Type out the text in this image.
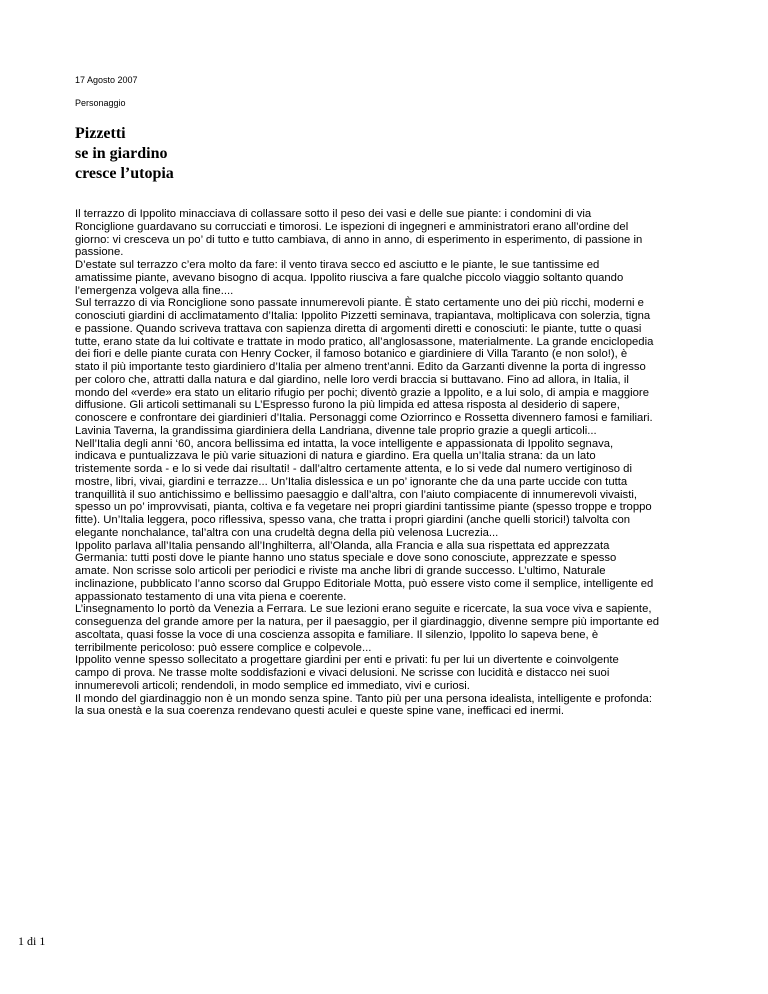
17 Agosto 2007
Personaggio
Pizzetti
se in giardino
cresce l’utopia

Il terrazzo di Ippolito minacciava di collassare sotto il peso dei vasi e delle sue piante: i condomini di via

Ronciglione guardavano su corrucciati e timorosi. Le ispezioni di ingegneri e amministratori erano all’ordine del

giorno: vi cresceva un po’ di tutto e tutto cambiava, di anno in anno, di esperimento in esperimento, di passione in

passione.

D’estate sul terrazzo c’era molto da fare: il vento tirava secco ed asciutto e le piante, le sue tantissime ed

amatissime piante, avevano bisogno di acqua. Ippolito riusciva a fare qualche piccolo viaggio soltanto quando

l’emergenza volgeva alla fine....

Sul terrazzo di via Ronciglione sono passate innumerevoli piante. È stato certamente uno dei più ricchi, moderni e

conosciuti giardini di acclimatamento d’Italia: Ippolito Pizzetti seminava, trapiantava, moltiplicava con solerzia, tigna

e passione. Quando scriveva trattava con sapienza diretta di argomenti diretti e conosciuti: le piante, tutte o quasi

tutte, erano state da lui coltivate e trattate in modo pratico, all’anglosassone, materialmente. La grande enciclopedia

dei fiori e delle piante curata con Henry Cocker, il famoso botanico e giardiniere di Villa Taranto (e non solo!), è

stato il più importante testo giardiniero d’Italia per almeno trent’anni. Edito da Garzanti divenne la porta di ingresso

per coloro che, attratti dalla natura e dal giardino, nelle loro verdi braccia si buttavano. Fino ad allora, in Italia, il

mondo del «verde» era stato un elitario rifugio per pochi; diventò grazie a Ippolito, e a lui solo, di ampia e maggiore

diffusione. Gli articoli settimanali su L’Espresso furono la più limpida ed attesa risposta al desiderio di sapere,

conoscere e confrontare dei giardinieri d’Italia. Personaggi come Oziorrinco e Rossetta divennero famosi e familiari.

Lavinia Taverna, la grandissima giardiniera della Landriana, divenne tale proprio grazie a quegli articoli...

Nell’Italia degli anni ‘60, ancora bellissima ed intatta, la voce intelligente e appassionata di Ippolito segnava,

indicava e puntualizzava le più varie situazioni di natura e giardino. Era quella un’Italia strana: da un lato

tristemente sorda - e lo si vede dai risultati! - dall’altro certamente attenta, e lo si vede dal numero vertiginoso di

mostre, libri, vivai, giardini e terrazze... Un’Italia dislessica e un po’ ignorante che da una parte uccide con tutta

tranquillità il suo antichissimo e bellissimo paesaggio e dall’altra, con l’aiuto compiacente di innumerevoli vivaisti,

spesso un po’ improvvisati, pianta, coltiva e fa vegetare nei propri giardini tantissime piante (spesso troppe e troppo

fitte). Un’Italia leggera, poco riflessiva, spesso vana, che tratta i propri giardini (anche quelli storici!) talvolta con

elegante nonchalance, tal’altra con una crudeltà degna della più velenosa Lucrezia...

Ippolito parlava all’Italia pensando all’Inghilterra, all’Olanda, alla Francia e alla sua rispettata ed apprezzata

Germania: tutti posti dove le piante hanno uno status speciale e dove sono conosciute, apprezzate e spesso

amate. Non scrisse solo articoli per periodici e riviste ma anche libri di grande successo. L’ultimo, Naturale

inclinazione, pubblicato l’anno scorso dal Gruppo Editoriale Motta, può essere visto come il semplice, intelligente ed

appassionato testamento di una vita piena e coerente.

L’insegnamento lo portò da Venezia a Ferrara. Le sue lezioni erano seguite e ricercate, la sua voce viva e sapiente,

conseguenza del grande amore per la natura, per il paesaggio, per il giardinaggio, divenne sempre più importante ed

ascoltata, quasi fosse la voce di una coscienza assopita e familiare. Il silenzio, Ippolito lo sapeva bene, è

terribilmente pericoloso: può essere complice e colpevole...

Ippolito venne spesso sollecitato a progettare giardini per enti e privati: fu per lui un divertente e coinvolgente

campo di prova. Ne trasse molte soddisfazioni e vivaci delusioni. Ne scrisse con lucidità e distacco nei suoi

innumerevoli articoli; rendendoli, in modo semplice ed immediato, vivi e curiosi.

Il mondo del giardinaggio non è un mondo senza spine. Tanto più per una persona idealista, intelligente e profonda:

la sua onestà e la sua coerenza rendevano questi aculei e queste spine vane, inefficaci ed inermi.

1 di 1
